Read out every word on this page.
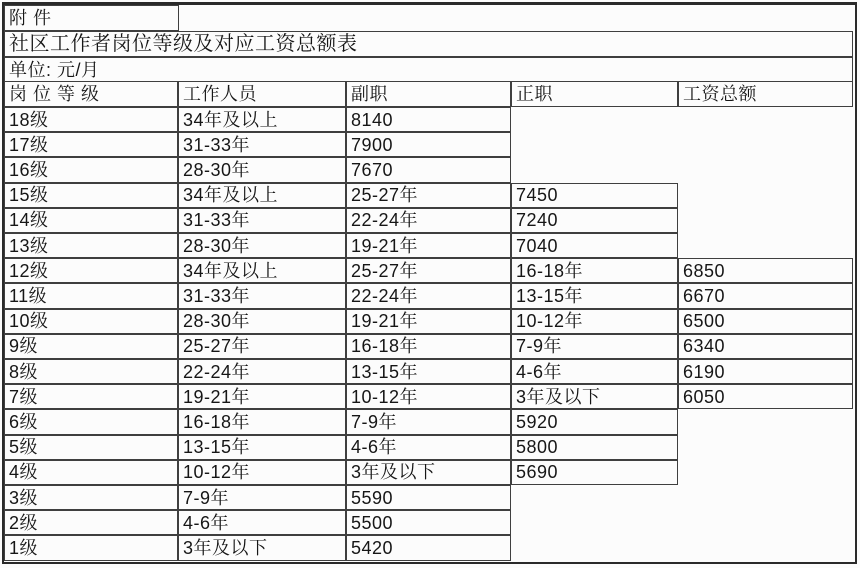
附 件
社区工作者岗位等级及对应工资总额表
单位: 元/月
岗 位 等 级	工作人员	副职	正职	工资总额
18级	34年及以上	8140
17级	31-33年	7900
16级	28-30年	7670
15级	34年及以上	25-27年	7450
14级	31-33年	22-24年	7240
13级	28-30年	19-21年	7040
12级	34年及以上	25-27年	16-18年	6850
11级	31-33年	22-24年	13-15年	6670
10级	28-30年	19-21年	10-12年	6500
9级	25-27年	16-18年	7-9年	6340
8级	22-24年	13-15年	4-6年	6190
7级	19-21年	10-12年	3年及以下	6050
6级	16-18年	7-9年	5920
5级	13-15年	4-6年	5800
4级	10-12年	3年及以下	5690
3级	7-9年	5590
2级	4-6年	5500
1级	3年及以下	5420
